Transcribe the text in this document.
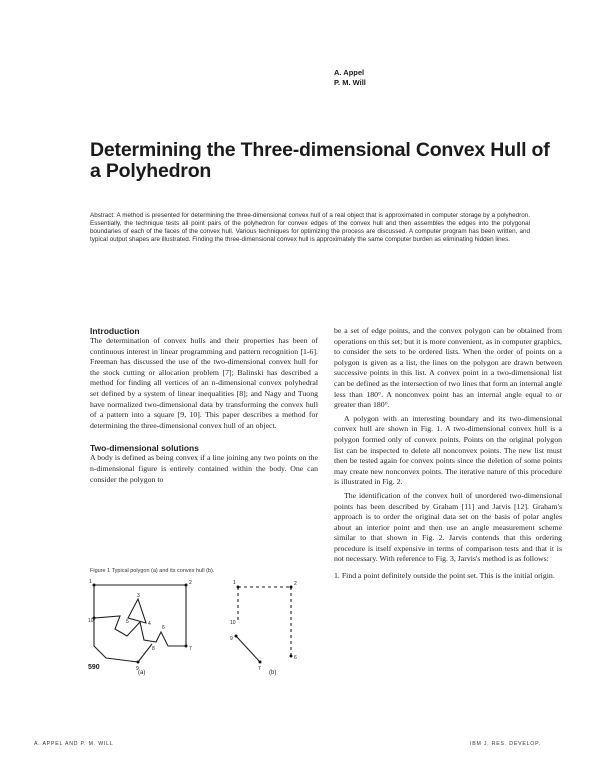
A. Appel
P. M. Will
Determining the Three-dimensional Convex Hull of a Polyhedron
Abstract: A method is presented for determining the three-dimensional convex hull of a real object that is approximated in computer storage by a polyhedron. Essentially, the technique tests all point pairs of the polyhedron for convex edges of the convex hull and then assembles the edges into the polygonal boundaries of each of the faces of the convex hull. Various techniques for optimizing the process are discussed. A computer program has been written, and typical output shapes are illustrated. Finding the three-dimensional convex hull is approximately the same computer burden as eliminating hidden lines.
Introduction

The determination of convex hulls and their properties has been of continuous interest in linear programming and pattern recognition [1-6]. Freeman has discussed the use of the two-dimensional convex hull for the stock cutting or allocation problem [7]; Balinski has described a method for finding all vertices of an n-dimensional convex polyhedral set defined by a system of linear inequalities [8]; and Nagy and Tuong have normalized two-dimensional data by transforming the convex hull of a pattern into a square [9, 10]. This paper describes a method for determining the three-dimensional convex hull of an object.

Two-dimensional solutions

A body is defined as being convex if a line joining any two points on the n-dimensional figure is entirely contained within the body. One can consider the polygon to

be a set of edge points, and the convex polygon can be obtained from operations on this set; but it is more convenient, as in computer graphics, to consider the sets to be ordered lists. When the order of points on a polygon is given as a list, the lines on the polygon are drawn between successive points in this list. A convex point in a two-dimensional list can be defined as the intersection of two lines that form an internal angle less than 180°. A nonconvex point has an internal angle equal to or greater than 180°.

A polygon with an interesting boundary and its two-dimensional convex hull are shown in Fig. 1. A two-dimensional convex hull is a polygon formed only of convex points. Points on the original polygon list can be inspected to delete all nonconvex points. The new list must then be tested again for convex points since the deletion of some points may create new nonconvex points. The iterative nature of this procedure is illustrated in Fig. 2.

The identification of the convex hull of unordered two-dimensional points has been described by Graham [11] and Jarvis [12]. Graham's approach is to order the original data set on the basis of polar angles about an interior point and then use an angle measurement scheme similar to that shown in Fig. 2. Jarvis contends that this ordering procedure is itself expensive in terms of comparison tests and that it is not necessary. With reference to Fig. 3, Jarvis's method is as follows:

1. Find a point definitely outside the point set. This is the initial origin.

Figure 1 Typical polygon (a) and its convex hull (b).
1	2
3
4
5
6
7
8
9
10
1	2
6
7
9
10
(a)	(b)
590
A. APPEL AND P. M. WILL	IBM J. RES. DEVELOP.
